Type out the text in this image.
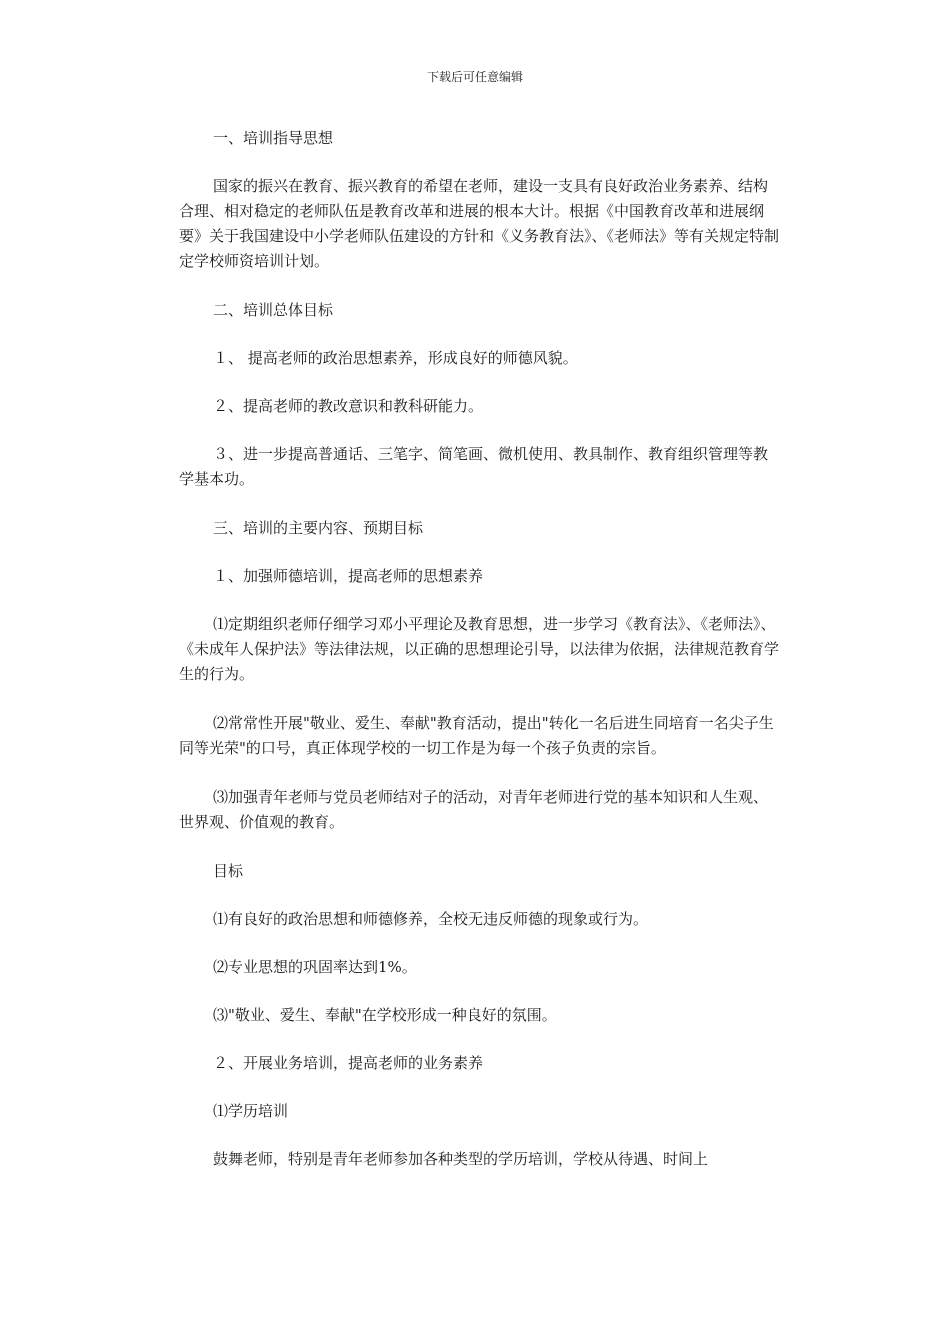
下载后可任意编辑

一、培训指导思想

国家的振兴在教育、振兴教育的希望在老师，建设一支具有良好政治业务素养、结构合理、相对稳定的老师队伍是教育改革和进展的根本大计。根据《中国教育改革和进展纲要》关于我国建设中小学老师队伍建设的方针和《义务教育法》、《老师法》等有关规定特制定学校师资培训计划。

二、培训总体目标

１、 提高老师的政治思想素养，形成良好的师德风貌。

２、提高老师的教改意识和教科研能力。

３、进一步提高普通话、三笔字、简笔画、微机使用、教具制作、教育组织管理等教学基本功。

三、培训的主要内容、预期目标

１、加强师德培训，提高老师的思想素养

⑴定期组织老师仔细学习邓小平理论及教育思想，进一步学习《教育法》、《老师法》、《未成年人保护法》等法律法规，以正确的思想理论引导，以法律为依据，法律规范教育学生的行为。

⑵常常性开展"敬业、爱生、奉献"教育活动，提出"转化一名后进生同培育一名尖子生同等光荣"的口号，真正体现学校的一切工作是为每一个孩子负责的宗旨。

⑶加强青年老师与党员老师结对子的活动，对青年老师进行党的基本知识和人生观、世界观、价值观的教育。

目标

⑴有良好的政治思想和师德修养，全校无违反师德的现象或行为。

⑵专业思想的巩固率达到1%。

⑶"敬业、爱生、奉献"在学校形成一种良好的氛围。

２、开展业务培训，提高老师的业务素养

⑴学历培训

鼓舞老师，特别是青年老师参加各种类型的学历培训，学校从待遇、时间上
